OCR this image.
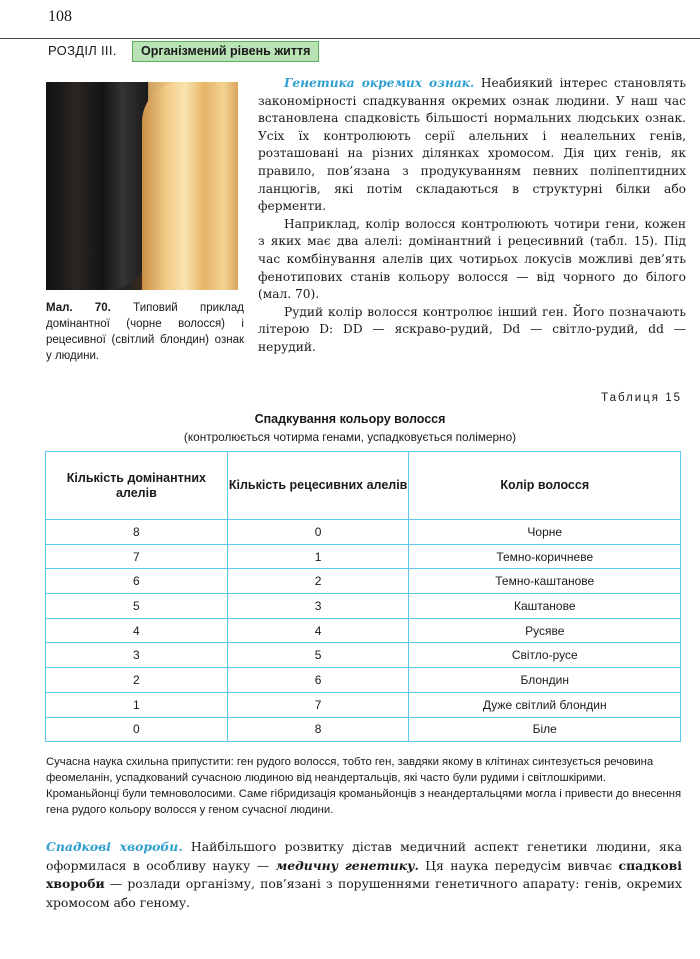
108
РОЗДІЛ III.	Організмений рівень життя
Мал. 70. Типовий приклад домінантної (чорне волосся) і рецесивної (світлий блондин) ознак у людини.

Генетика окремих ознак. Неабиякий інтерес становлять закономірності спадкування окремих ознак людини. У наш час встановлена спадковість більшості нормальних людських ознак. Усіх їх контролюють серії алельних і неалельних генів, розташовані на різних ділянках хромосом. Дія цих генів, як правило, пов’язана з продукуванням певних поліпептидних ланцюгів, які потім складаються в структурні білки або ферменти.

Наприклад, колір волосся контролюють чотири гени, кожен з яких має два алелі: домінантний і рецесивний (табл. 15). Під час комбінування алелів цих чотирьох локусів можливі дев’ять фенотипових станів кольору волосся — від чорного до білого (мал. 70).

Рудий колір волосся контролює інший ген. Його позначають літерою D: DD — яскраво-рудий, Dd — світло-рудий, dd — нерудий.

Таблиця 15
Спадкування кольору волосся
(контролюється чотирма генами, успадковується полімерно)
Кількість домінантних алелів	Кількість рецесивних алелів	Колір волосся
8	0	Чорне
7	1	Темно-коричневе
6	2	Темно-каштанове
5	3	Каштанове
4	4	Русяве
3	5	Світло-русе
2	6	Блондин
1	7	Дуже світлий блондин
0	8	Біле
Сучасна наука схильна припустити: ген рудого волосся, тобто ген, завдяки якому в клітинах синтезується речовина феомеланін, успадкований сучасною людиною від неандертальців, які часто були рудими і світлошкірими. Кроманьйонці були темноволосими. Саме гібридизація кроманьйонців з неандертальцями могла і привести до внесення гена рудого кольору волосся у геном сучасної людини.

Спадкові хвороби. Найбільшого розвитку дістав медичний аспект генетики людини, яка оформилася в особливу науку — медичну генетику. Ця наука передусім вивчає спадкові хвороби — розлади організму, пов’язані з порушеннями генетичного апарату: генів, окремих хромосом або геному.
